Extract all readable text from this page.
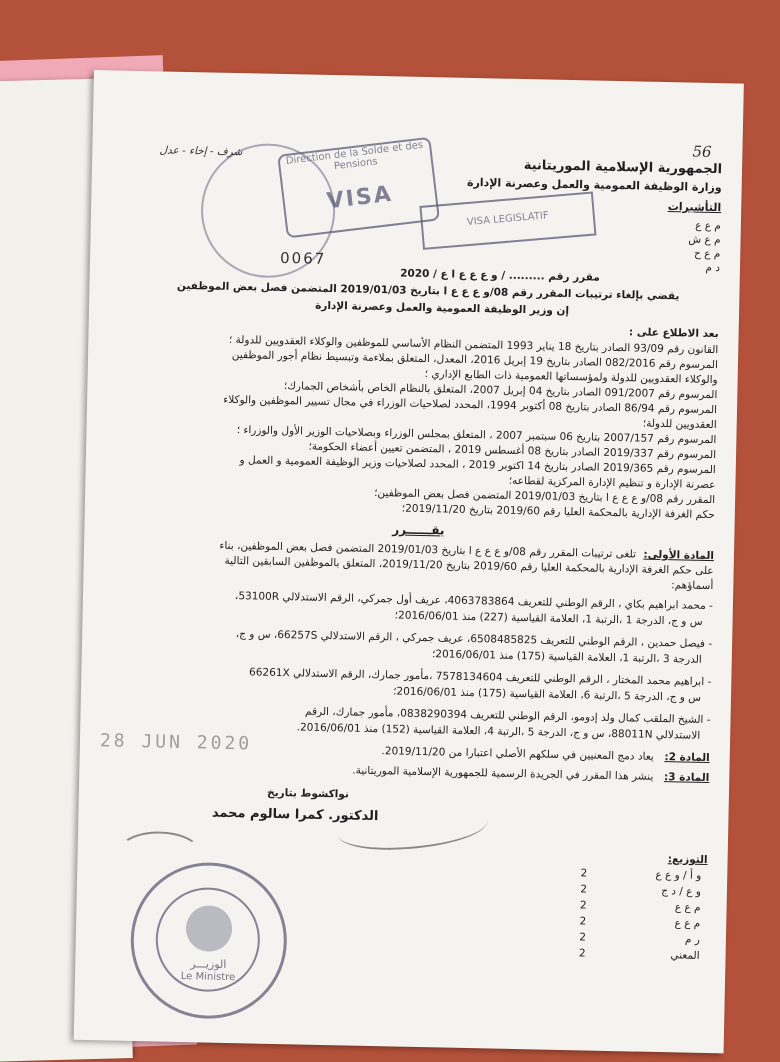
56
Direction de la Solde et des Pensions
VISA
VISA LEGISLATIF
0067
28 JUN 2020
شرف - إخاء - عدل
الجمهورية الإسلامية الموريتانية
وزارة الوظيفة العمومية والعمل وعصرنة الإدارة
التأشيرات
م ع ع
م ع ش
م ع ح
د م
مقرر رقم ......... / و ع ع ع ا ع / 2020
يقضي بإلغاء ترتيبات المقرر رقم 08/و ع ع ع ا بتاريخ 2019/01/03 المتضمن فصل بعض الموظفين
إن وزير الوظيفة العمومية والعمل وعصرنة الإدارة
بعد الاطلاع على :
القانون رقم 93/09 الصادر بتاريخ 18 يناير 1993 المتضمن النظام الأساسي للموظفين والوكلاء العقدويين للدولة ؛
المرسوم رقم 082/2016 الصادر بتاريخ 19 إبريل 2016، المعدل، المتعلق بملاءمة وتبسيط نظام أجور الموظفين
والوكلاء العقدويين للدولة ولمؤسساتها العمومية ذات الطابع الإداري ؛
المرسوم رقم 091/2007 الصادر بتاريخ 04 إبريل 2007، المتعلق بالنظام الخاص بأشخاص الجمارك؛
المرسوم رقم 86/94 الصادر بتاريخ 08 أكتوبر 1994، المحدد لصلاحيات الوزراء في مجال تسيير الموظفين والوكلاء
العقدويين للدولة؛
المرسوم رقم 2007/157 بتاريخ 06 سبتمبر 2007 ، المتعلق بمجلس الوزراء وبصلاحيات الوزير الأول والوزراء ؛
المرسوم رقم 2019/337 الصادر بتاريخ 08 أغسطس 2019 ، المتضمن تعيين أعضاء الحكومة؛
المرسوم رقم 2019/365 الصادر بتاريخ 14 اكتوبر 2019 ، المحدد لصلاحيات وزير الوظيفة العمومية و العمل و
عصرنة الإدارة و تنظيم الإدارة المركزية لقطاعه؛
المقرر رقم 08/و ع ع ع ا بتاريخ 2019/01/03 المتضمن فصل بعض الموظفين؛
حكم الغرفة الإدارية بالمحكمة العليا رقم 2019/60 بتاريخ 2019/11/20؛
يقــــــرر
المادة الأولى:
تلغى ترتيبات المقرر رقم 08/و ع ع ع ا بتاريخ 2019/01/03 المتضمن فصل بعض الموظفين، بناء
على حكم الغرفة الإدارية بالمحكمة العليا رقم 2019/60 بتاريخ 2019/11/20، المتعلق بالموظفين السابقين التالية
أسماؤهم:
- محمد ابراهيم بكاي ، الرقم الوطني للتعريف 4063783864، عريف أول جمركي، الرقم الاستدلالي 53100R،
س و ج، الدرجة 1 ،الرتبة 1، العلامة القياسية (227) منذ 2016/06/01؛
- فيصل حمدين ، الرقم الوطني للتعريف 6508485825، عريف جمركي ، الرقم الاستدلالي 66257S، س و ج،
الدرجة 3 ،الرتبة 1، العلامة القياسية (175) منذ 2016/06/01؛
- ابراهيم محمد المختار ، الرقم الوطني للتعريف 7578134604 ،مأمور جمارك، الرقم الاستدلالي 66261X
س و ج، الدرجة 5 ،الرتبة 6، العلامة القياسية (175) منذ 2016/06/01؛
- الشيخ الملقب كمال ولد إدومو، الرقم الوطني للتعريف 0838290394، مأمور جمارك، الرقم
الاستدلالي 88011N، س و ج، الدرجة 5 ،الرتبة 4، العلامة القياسية (152) منذ 2016/06/01.
المادة 2:
يعاد دمج المعنيين في سلكهم الأصلي اعتبارا من 2019/11/20.
المادة 3:
ينشر هذا المقرر في الجريدة الرسمية للجمهورية الإسلامية الموريتانية.
نواكشوط بتاريخ
الدكتور. كمرا سالوم محمد
التوزيع:
و أ / و ع ع
2
و ع / د ج
2
م ع ع
2
م ع ع
2
ر م
2
المعني
2
الوزيـــر
Le Ministre
